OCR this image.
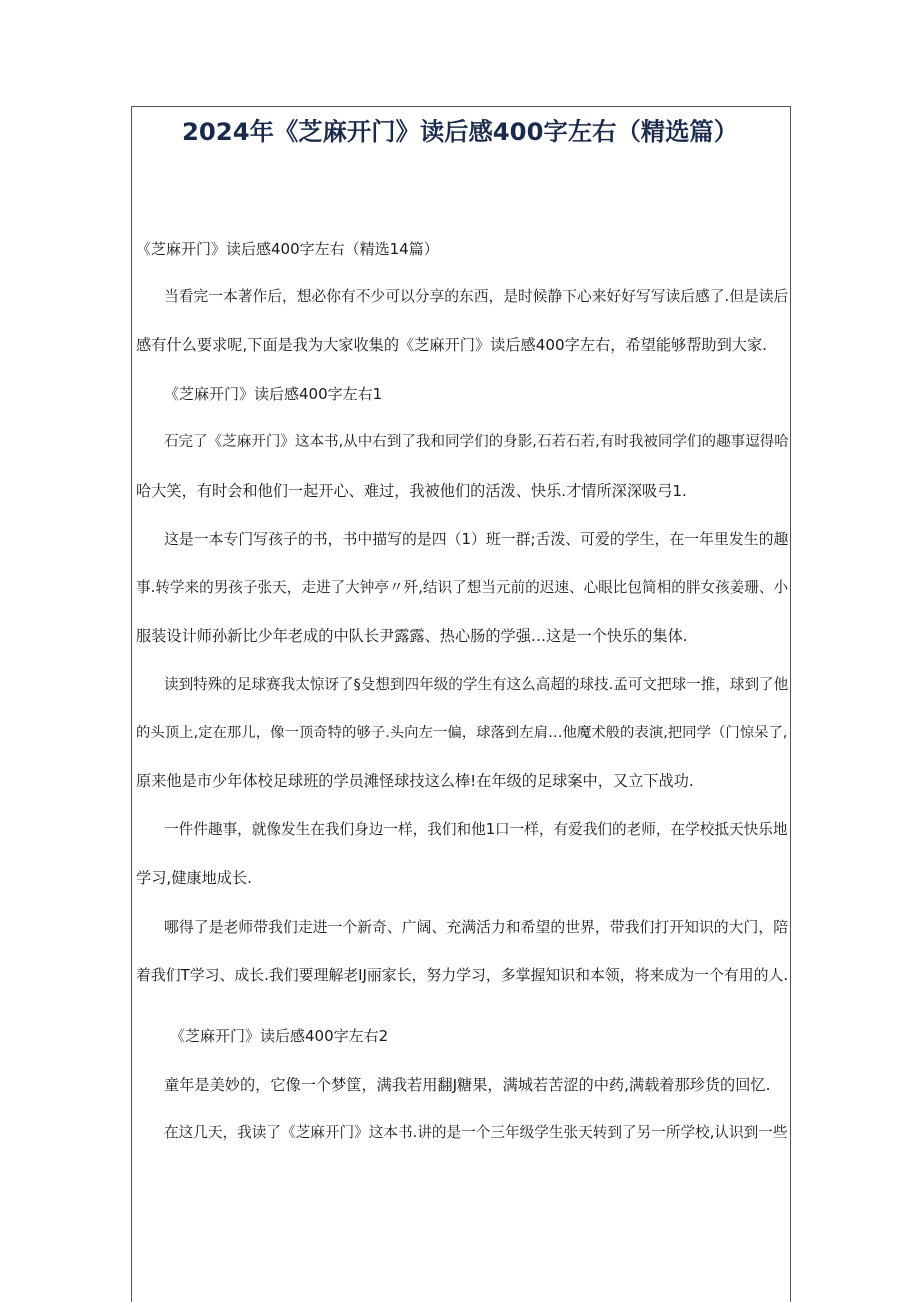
2024年《芝麻开门》读后感400字左右（精选篇）
《芝麻开门》读后感400字左右（精选14篇）
当看完一本著作后，想必你有不少可以分享的东西，是时候静下心来好好写写读后感了.但是读后
感有什么要求呢,下面是我为大家收集的《芝麻开门》读后感400字左右，希望能够帮助到大家.
《芝麻开门》读后感400字左右1
石完了《芝麻开门》这本书,从中右到了我和同学们的身影,石若石若,有时我被同学们的趣事逗得哈
哈大笑，有时会和他们一起开心、难过，我被他们的活泼、快乐.才情所深深吸弓1.
这是一本专门写孩子的书，书中描写的是四（1）班一群;舌泼、可爱的学生，在一年里发生的趣
事.转学来的男孩子张天，走进了大钟亭〃歼,结识了想当元前的迟速、心眼比包简相的胖女孩姜珊、小
服装设计师孙新比少年老成的中队长尹露露、热心肠的学强…这是一个快乐的集体.
读到特殊的足球赛我太惊讶了§殳想到四年级的学生有这么高超的球技.孟可文把球一推，球到了他
的头顶上,定在那儿，像一顶奇特的够子.头向左一偏，球落到左肩…他魔术般的表演,把同学（门惊呆了,
原来他是市少年体校足球班的学员滩怪球技这么棒!在年级的足球案中，又立下战功.
一件件趣事，就像发生在我们身边一样，我们和他1口一样，有爱我们的老师，在学校抵天快乐地
学习,健康地成长.
哪得了是老师带我们走进一个新奇、广阔、充满活力和希望的世界，带我们打开知识的大门，陪
着我们T学习、成长.我们要理解老IJ丽家长，努力学习，多掌握知识和本领，将来成为一个有用的人.
《芝麻开门》读后感400字左右2
童年是美妙的，它像一个梦筐，满我若用翻J糖果，满城若苦涩的中药,满载着那珍货的回忆.
在这几天，我读了《芝麻开门》这本书.讲的是一个三年级学生张天转到了另一所学校,认识到一些
